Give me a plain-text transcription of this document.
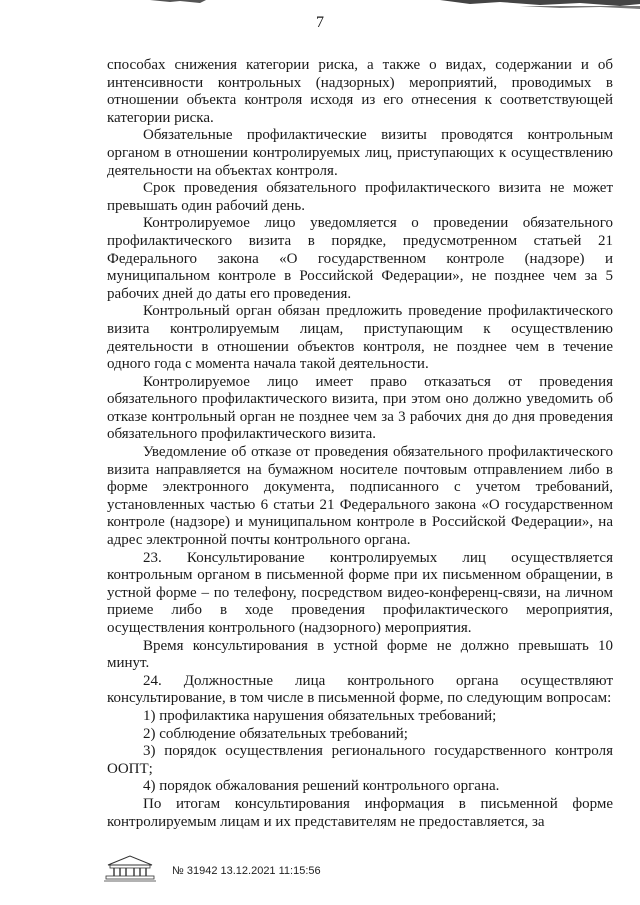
7

способах снижения категории риска, а также о видах, содержании и об интенсивности контрольных (надзорных) мероприятий, проводимых в отношении объекта контроля исходя из его отнесения к соответствующей категории риска.

Обязательные профилактические визиты проводятся контрольным органом в отношении контролируемых лиц, приступающих к осуществлению деятельности на объектах контроля.

Срок проведения обязательного профилактического визита не может превышать один рабочий день.

Контролируемое лицо уведомляется о проведении обязательного профилактического визита в порядке, предусмотренном статьей 21 Федерального закона «О государственном контроле (надзоре) и муниципальном контроле в Российской Федерации», не позднее чем за 5 рабочих дней до даты его проведения.

Контрольный орган обязан предложить проведение профилактического визита контролируемым лицам, приступающим к осуществлению деятельности в отношении объектов контроля, не позднее чем в течение одного года с момента начала такой деятельности.

Контролируемое лицо имеет право отказаться от проведения обязательного профилактического визита, при этом оно должно уведомить об отказе контрольный орган не позднее чем за 3 рабочих дня до дня проведения обязательного профилактического визита.

Уведомление об отказе от проведения обязательного профилактического визита направляется на бумажном носителе почтовым отправлением либо в форме электронного документа, подписанного с учетом требований, установленных частью 6 статьи 21 Федерального закона «О государственном контроле (надзоре) и муниципальном контроле в Российской Федерации», на адрес электронной почты контрольного органа.

23. Консультирование контролируемых лиц осуществляется контрольным органом в письменной форме при их письменном обращении, в устной форме – по телефону, посредством видео-конференц-связи, на личном приеме либо в ходе проведения профилактического мероприятия, осуществления контрольного (надзорного) мероприятия.

Время консультирования в устной форме не должно превышать 10 минут.

24. Должностные лица контрольного органа осуществляют консультирование, в том числе в письменной форме, по следующим вопросам:

1) профилактика нарушения обязательных требований;

2) соблюдение обязательных требований;

3) порядок осуществления регионального государственного контроля ООПТ;

4) порядок обжалования решений контрольного органа.

По итогам консультирования информация в письменной форме контролируемым лицам и их представителям не предоставляется, за

№ 31942 13.12.2021 11:15:56
